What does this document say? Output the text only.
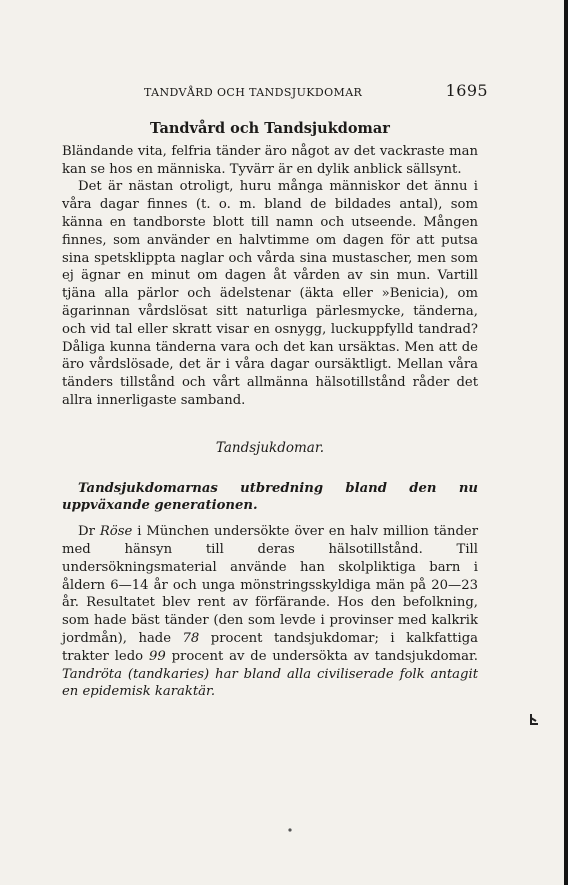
TANDVÅRD OCH TANDSJUKDOMAR	1695
Tandvård och Tandsjukdomar

Bländande vita, felfria tänder äro något av det vackraste man kan se hos en människa. Tyvärr är en dylik anblick sällsynt.

Det är nästan otroligt, huru många människor det ännu i våra dagar finnes (t. o. m. bland de bildades antal), som känna en tandborste blott till namn och utseende. Mången finnes, som använder en halvtimme om dagen för att putsa sina spetsklippta naglar och vårda sina mustascher, men som ej ägnar en minut om dagen åt vården av sin mun. Vartill tjäna alla pärlor och ädelstenar (äkta eller »Benicia), om ägarinnan vårdslösat sitt naturliga pärlesmycke, tänderna, och vid tal eller skratt visar en osnygg, luckuppfylld tandrad? Dåliga kunna tänderna vara och det kan ursäktas. Men att de äro vårdslösade, det är i våra dagar oursäktligt. Mellan våra tänders tillstånd och vårt allmänna hälsotillstånd råder det allra innerligaste samband.

Tandsjukdomar.

Tandsjukdomarnas utbredning bland den nu uppväxande generationen.

Dr Röse i München undersökte över en halv million tänder med hänsyn till deras hälsotillstånd. Till undersökningsmaterial använde han skolpliktiga barn i åldern 6—14 år och unga mönstringsskyldiga män på 20—23 år. Resultatet blev rent av förfärande. Hos den befolkning, som hade bäst tänder (den som levde i provinser med kalkrik jordmån), hade 78 procent tandsjukdomar; i kalkfattiga trakter ledo 99 procent av de undersökta av tandsjukdomar. Tandröta (tandkaries) har bland alla civiliserade folk antagit en epidemisk karaktär.
